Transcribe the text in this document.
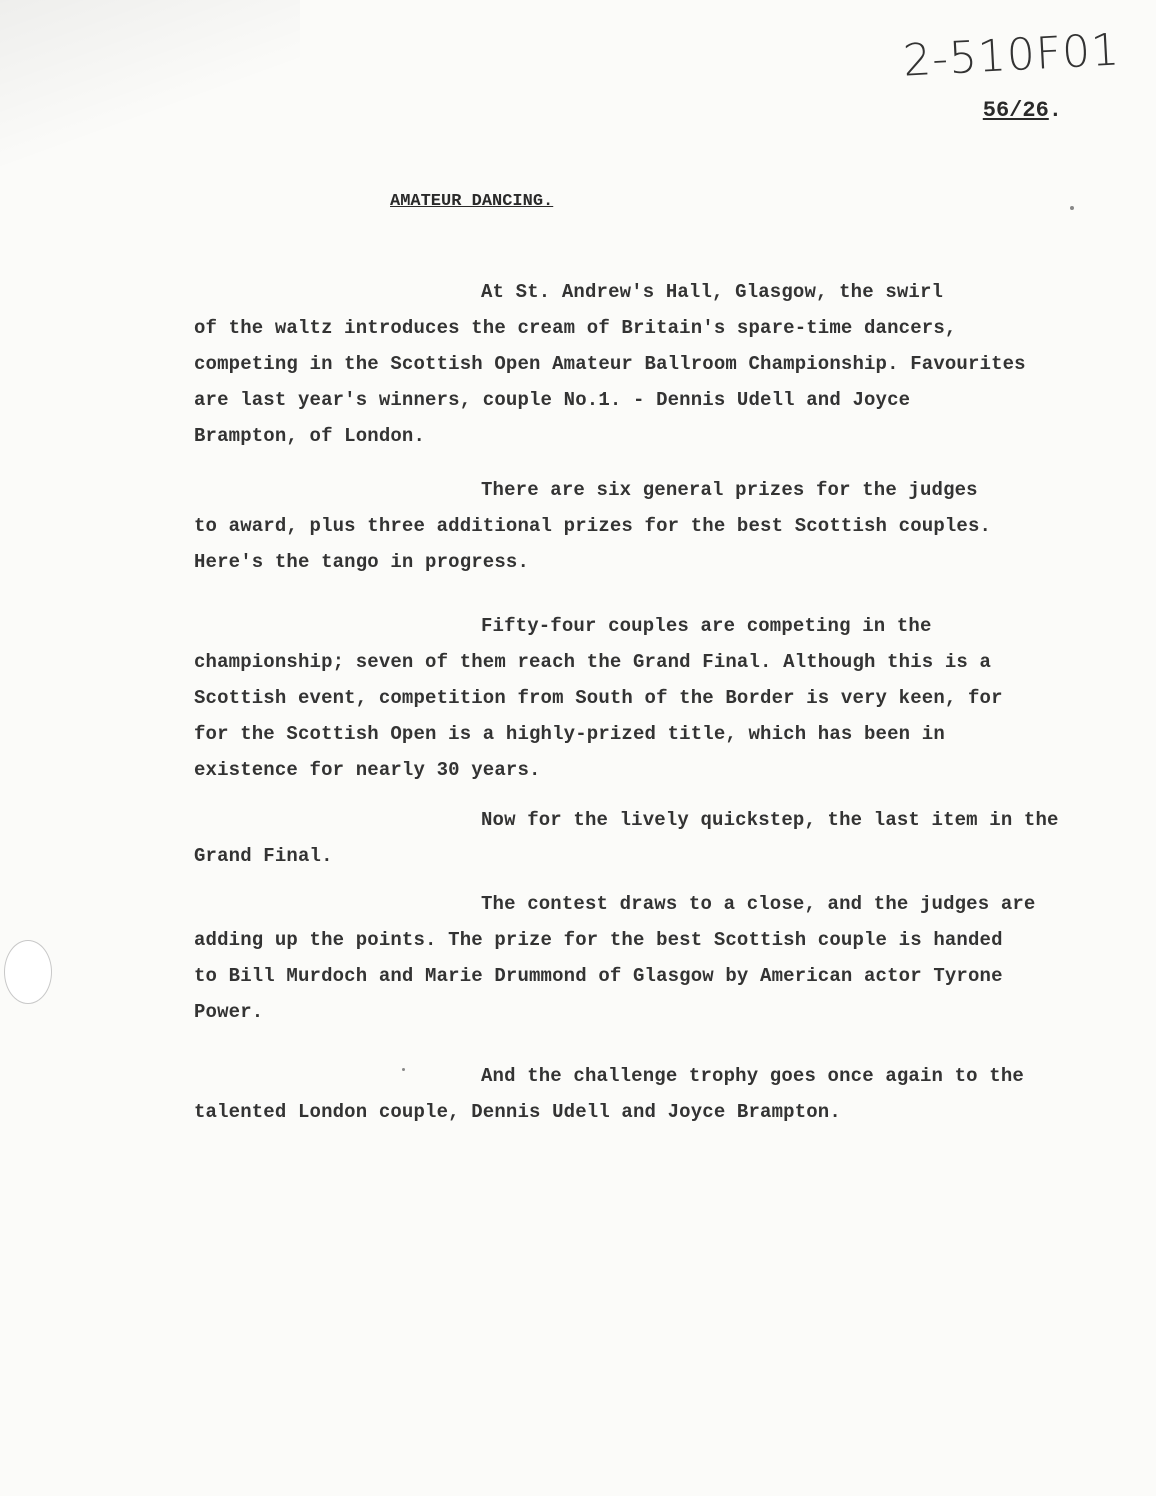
2-510F01
56/26.
AMATEUR DANCING.

At St. Andrew's Hall, Glasgow, the swirl
of the waltz introduces the cream of Britain's spare-time dancers,
competing in the Scottish Open Amateur Ballroom Championship. Favourites
are last year's winners, couple No.1. - Dennis Udell and Joyce
Brampton, of London.

There are six general prizes for the judges
to award, plus three additional prizes for the best Scottish couples.
Here's the tango in progress.

Fifty-four couples are competing in the
championship; seven of them reach the Grand Final. Although this is a
Scottish event, competition from South of the Border is very keen, for
for the Scottish Open is a highly-prized title, which has been in
existence for nearly 30 years.

Now for the lively quickstep, the last item in the
Grand Final.

The contest draws to a close, and the judges are
adding up the points. The prize for the best Scottish couple is handed
to Bill Murdoch and Marie Drummond of Glasgow by American actor Tyrone
Power.

And the challenge trophy goes once again to the
talented London couple, Dennis Udell and Joyce Brampton.
